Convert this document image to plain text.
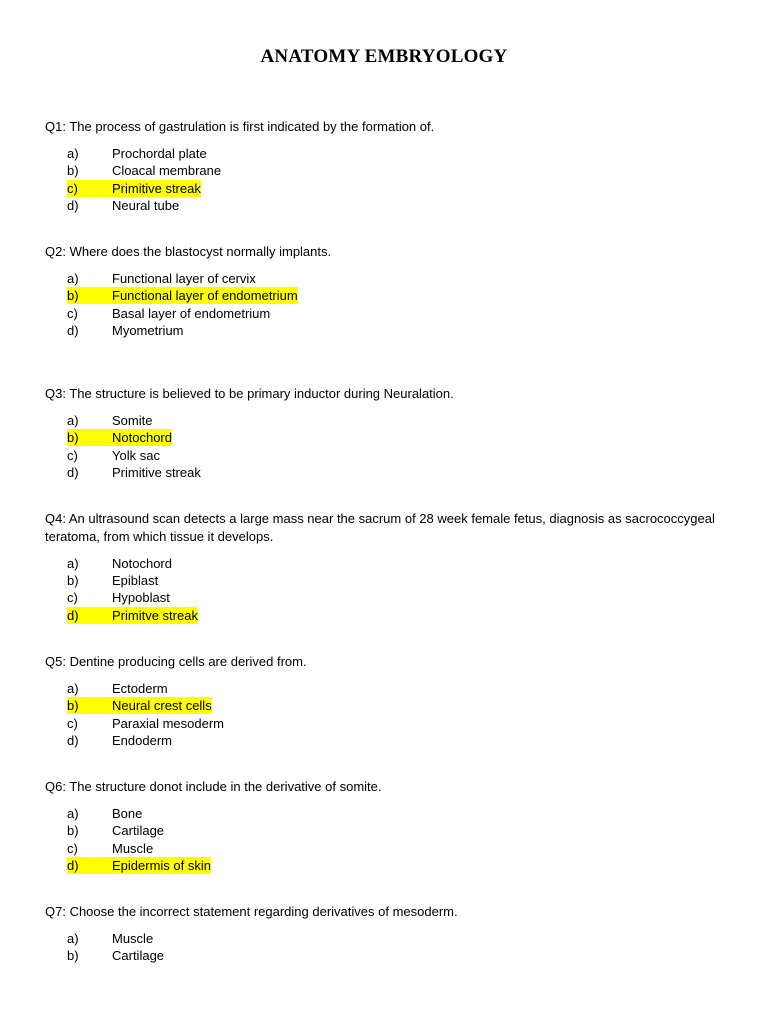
ANATOMY EMBRYOLOGY
Q1: The process of gastrulation is first indicated by the formation of.
a)	Prochordal plate
b)	Cloacal membrane
c)	Primitive streak
d)	Neural tube
Q2: Where does the blastocyst normally implants.
a)	Functional layer of cervix
b)	Functional layer of endometrium
c)	Basal layer of endometrium
d)	Myometrium
Q3: The structure is believed to be primary inductor during Neuralation.
a)	Somite
b)	Notochord
c)	Yolk sac
d)	Primitive streak
Q4: An ultrasound scan detects a large mass near the sacrum of 28 week female fetus, diagnosis as sacrococcygeal teratoma, from which tissue it develops.
a)	Notochord
b)	Epiblast
c)	Hypoblast
d)	Primitve streak
Q5: Dentine producing cells are derived from.
a)	Ectoderm
b)	Neural crest cells
c)	Paraxial mesoderm
d)	Endoderm
Q6: The structure donot include in the derivative of somite.
a)	Bone
b)	Cartilage
c)	Muscle
d)	Epidermis of skin
Q7: Choose the incorrect statement regarding derivatives of mesoderm.
a)	Muscle
b)	Cartilage
